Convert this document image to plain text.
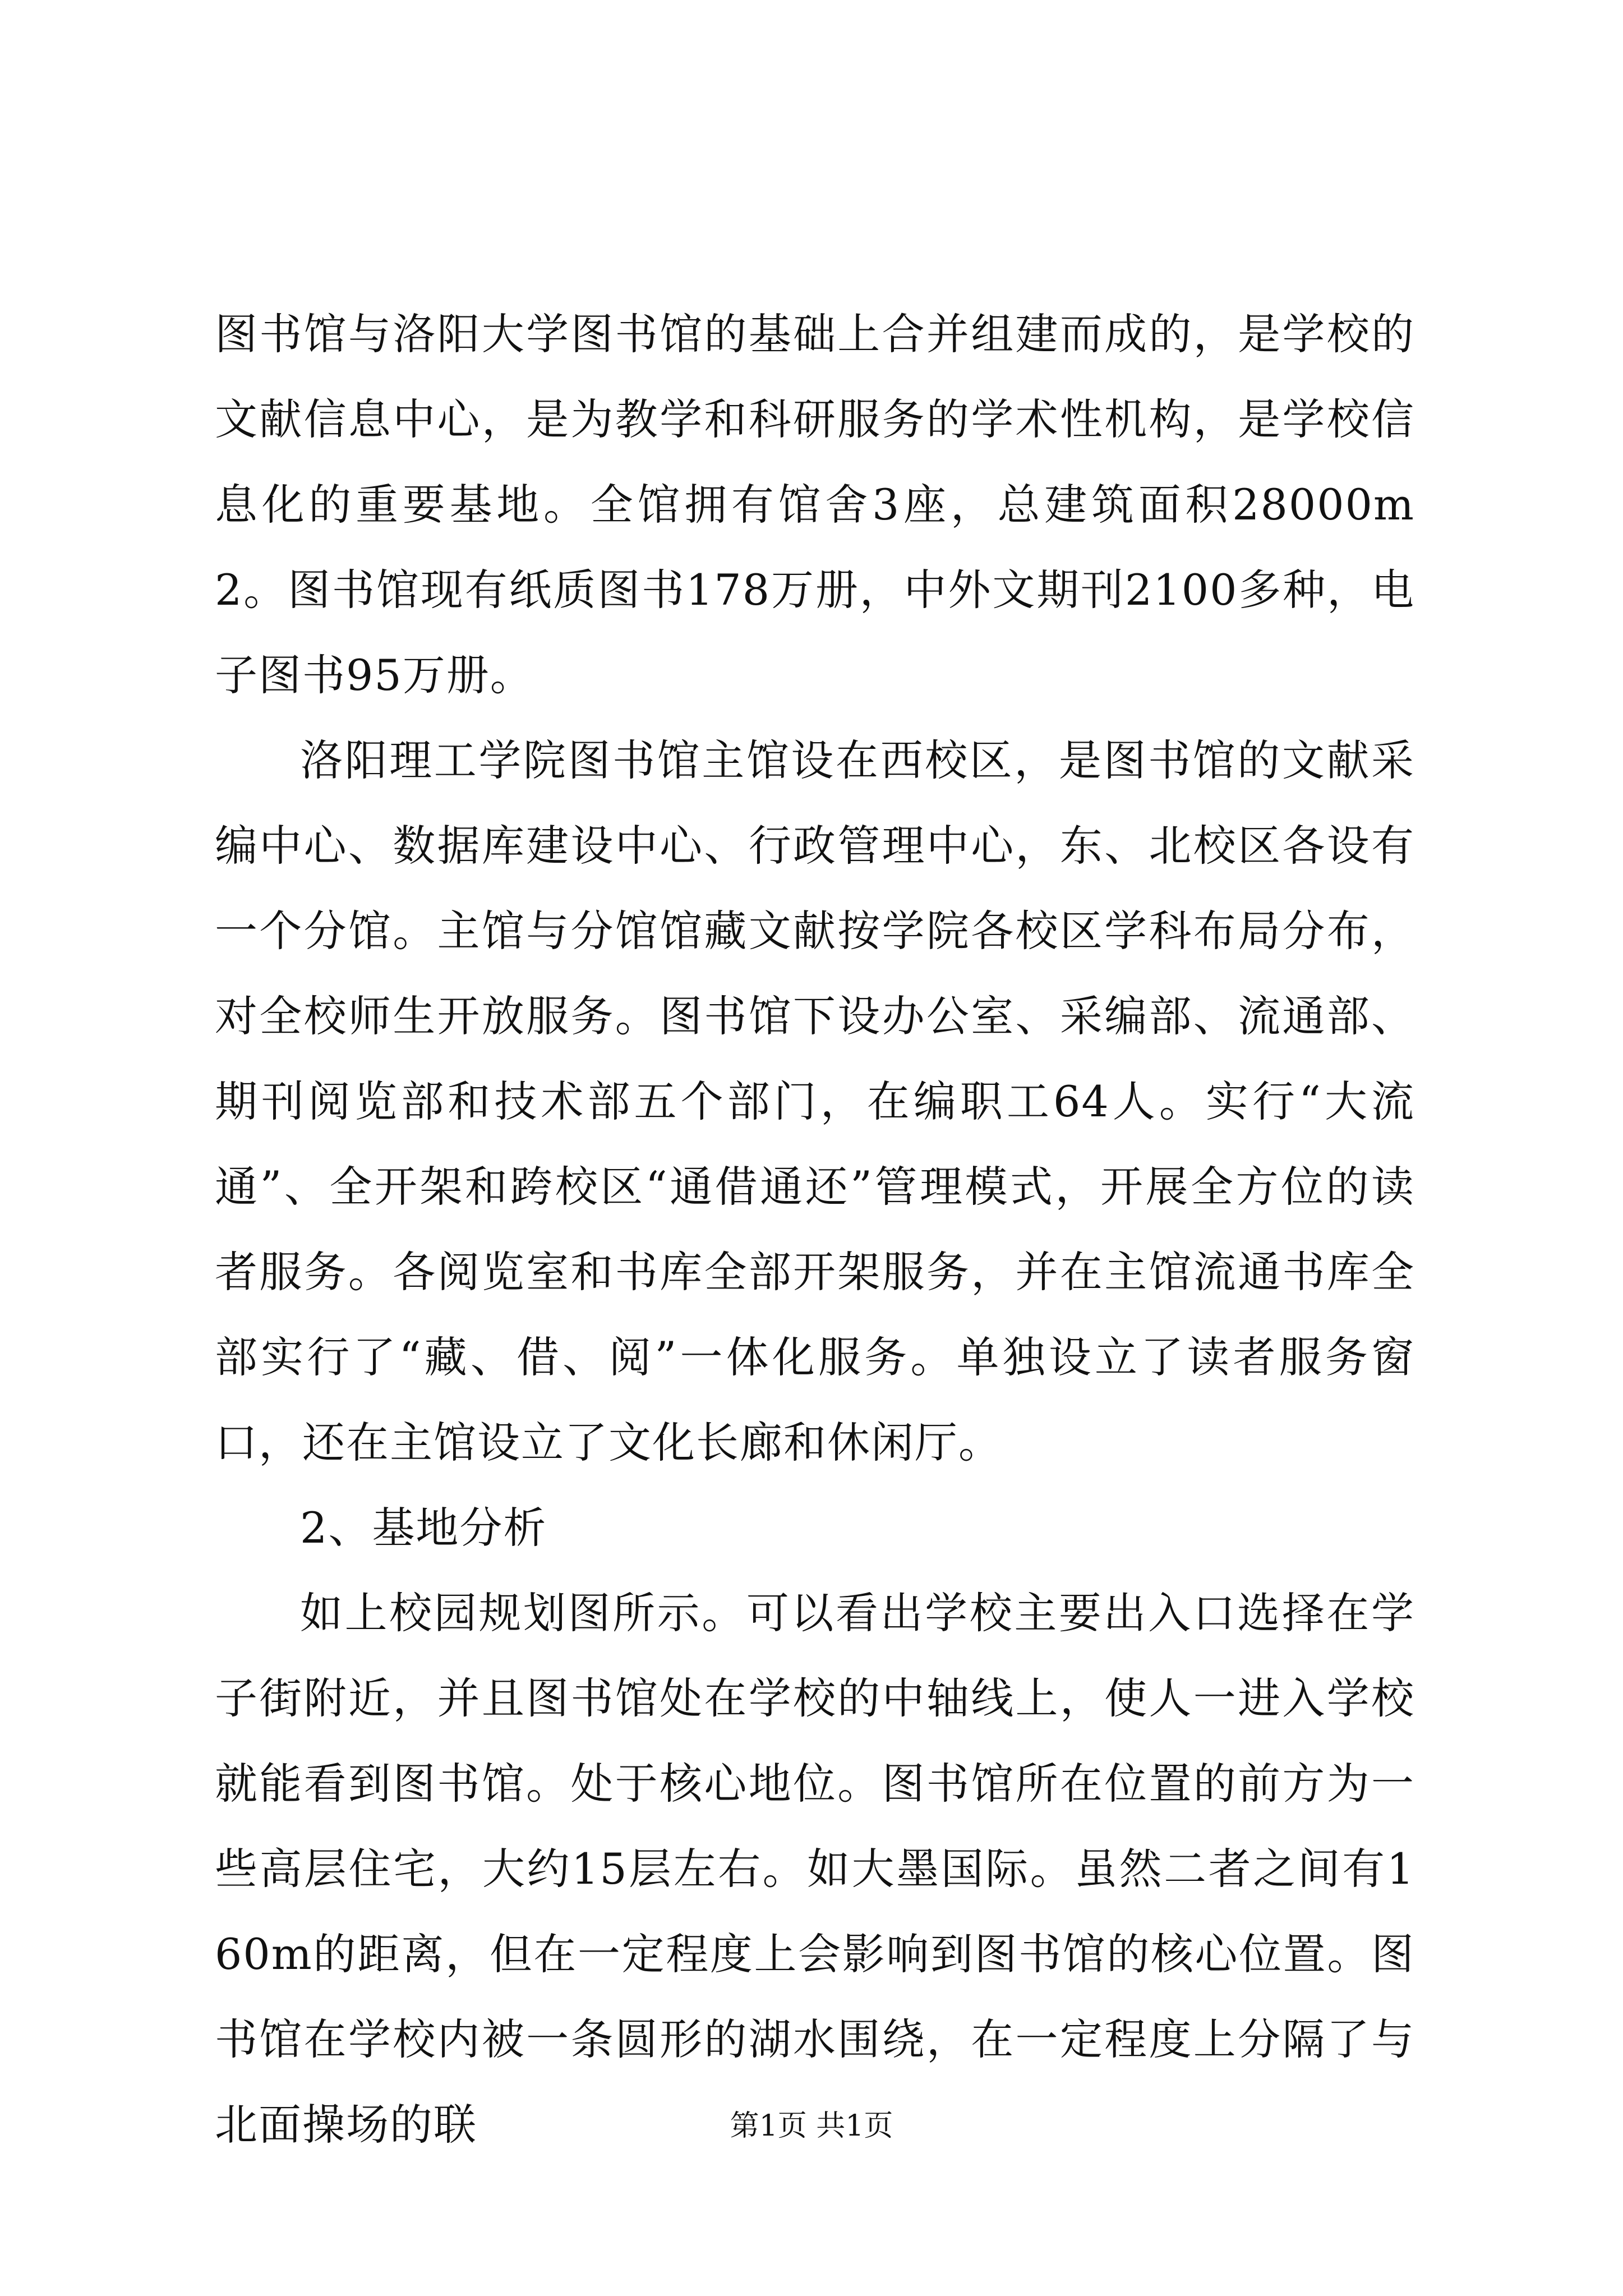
图书馆与洛阳大学图书馆的基础上合并组建而成的，是学校的文献信息中心，是为教学和科研服务的学术性机构，是学校信息化的重要基地。全馆拥有馆舍3座，总建筑面积28000m2。图书馆现有纸质图书178万册，中外文期刊2100多种，电子图书95万册。

洛阳理工学院图书馆主馆设在西校区，是图书馆的文献采编中心、数据库建设中心、行政管理中心，东、北校区各设有一个分馆。主馆与分馆馆藏文献按学院各校区学科布局分布，对全校师生开放服务。图书馆下设办公室、采编部、流通部、期刊阅览部和技术部五个部门，在编职工64人。实行“大流通”、全开架和跨校区“通借通还”管理模式，开展全方位的读者服务。各阅览室和书库全部开架服务，并在主馆流通书库全部实行了“藏、借、阅”一体化服务。单独设立了读者服务窗口，还在主馆设立了文化长廊和休闲厅。

2、基地分析

如上校园规划图所示。可以看出学校主要出入口选择在学子街附近，并且图书馆处在学校的中轴线上，使人一进入学校就能看到图书馆。处于核心地位。图书馆所在位置的前方为一些高层住宅，大约15层左右。如大墨国际。虽然二者之间有160m的距离，但在一定程度上会影响到图书馆的核心位置。图书馆在学校内被一条圆形的湖水围绕，在一定程度上分隔了与北面操场的联	第1页 共1页
